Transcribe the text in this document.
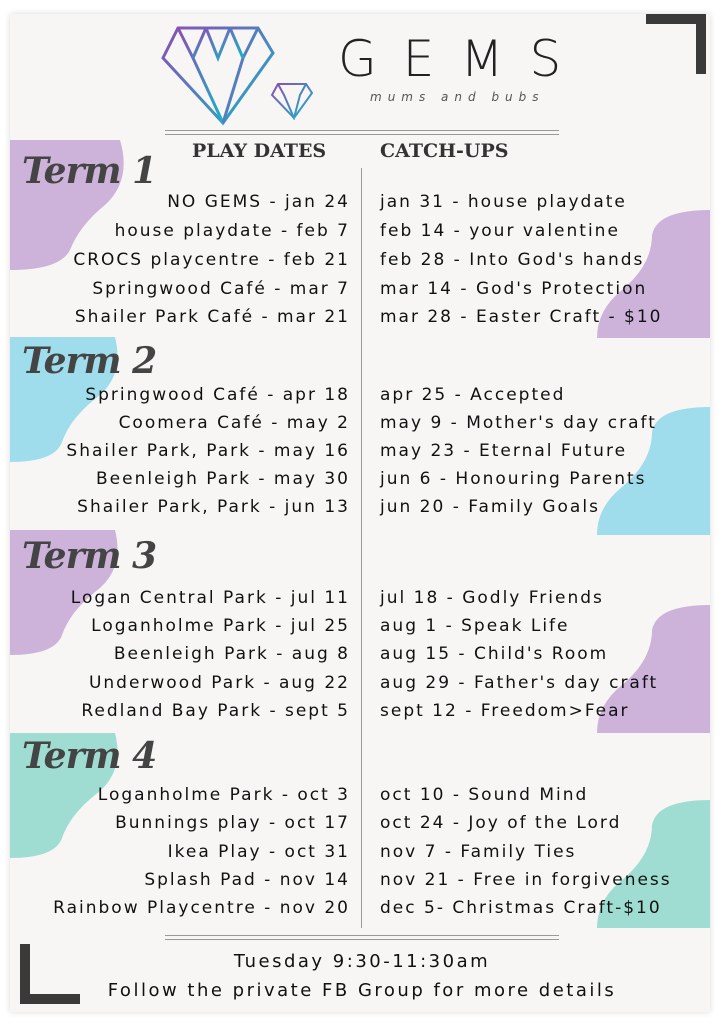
GEMS
mums and bubs
PLAY DATES	CATCH-UPS
Term 1
NO GEMS - jan 24
house playdate - feb 7
CROCS playcentre - feb 21
Springwood Café - mar 7
Shailer Park Café - mar 21
jan 31 - house playdate
feb 14 - your valentine
feb 28 - Into God's hands
mar 14 - God's Protection
mar 28 - Easter Craft - $10
Term 2
Springwood Café - apr 18
Coomera Café - may 2
Shailer Park, Park - may 16
Beenleigh Park - may 30
Shailer Park, Park - jun 13
apr 25 - Accepted
may 9 - Mother's day craft
may 23 - Eternal Future
jun 6 - Honouring Parents
jun 20 - Family Goals
Term 3
Logan Central Park - jul 11
Loganholme Park - jul 25
Beenleigh Park - aug 8
Underwood Park - aug 22
Redland Bay Park - sept 5
jul 18 - Godly Friends
aug 1 - Speak Life
aug 15 - Child's Room
aug 29 - Father's day craft
sept 12 - Freedom>Fear
Term 4
Loganholme Park - oct 3
Bunnings play - oct 17
Ikea Play - oct 31
Splash Pad - nov 14
Rainbow Playcentre - nov 20
oct 10 - Sound Mind
oct 24 - Joy of the Lord
nov 7 - Family Ties
nov 21 - Free in forgiveness
dec 5- Christmas Craft-$10
Tuesday 9:30-11:30am
Follow the private FB Group for more details
